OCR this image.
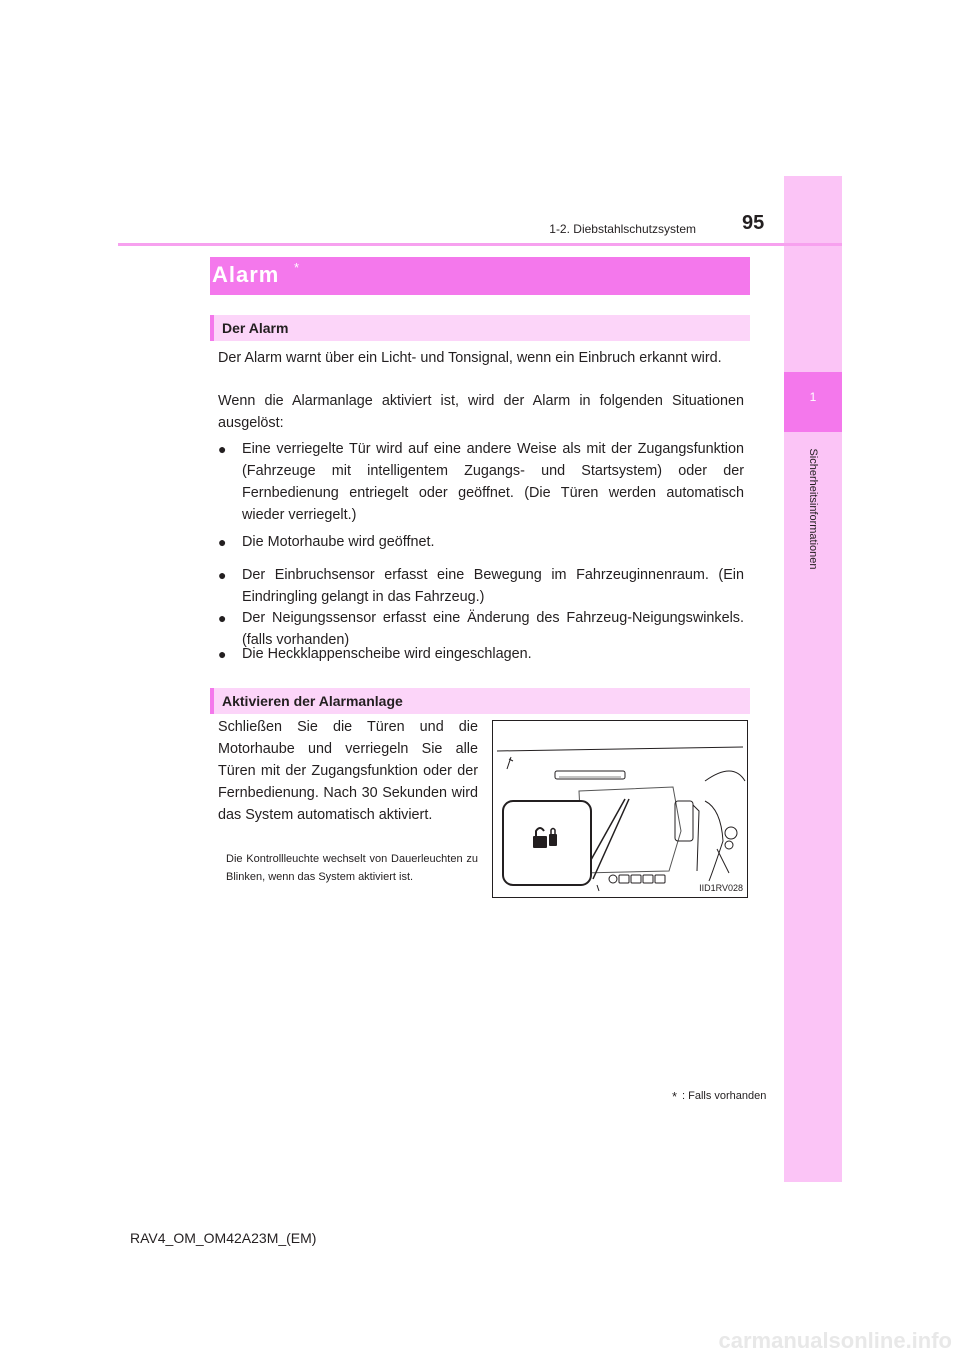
1
Sicherheitsinformationen
1-2. Diebstahlschutzsystem 95
Alarm *
Der Alarm

Der Alarm warnt über ein Licht- und Tonsignal, wenn ein Einbruch erkannt wird.

Wenn die Alarmanlage aktiviert ist, wird der Alarm in folgenden Situationen ausgelöst:

● Eine verriegelte Tür wird auf eine andere Weise als mit der Zugangsfunktion (Fahrzeuge mit intelligentem Zugangs- und Startsystem) oder der Fernbedienung entriegelt oder geöffnet. (Die Türen werden automatisch wieder verriegelt.)
● Die Motorhaube wird geöffnet.
● Der Einbruchsensor erfasst eine Bewegung im Fahrzeuginnenraum. (Ein Eindringling gelangt in das Fahrzeug.)
● Der Neigungssensor erfasst eine Änderung des Fahrzeug-Neigungswinkels. (falls vorhanden)
● Die Heckklappenscheibe wird eingeschlagen.
Aktivieren der Alarmanlage

Schließen Sie die Türen und die Motorhaube und verriegeln Sie alle Türen mit der Zugangsfunktion oder der Fernbedienung. Nach 30 Sekunden wird das System automatisch aktiviert.

Die Kontrollleuchte wechselt von Dauerleuchten zu Blinken, wenn das System aktiviert ist.

IID1RV028
* : Falls vorhanden
RAV4_OM_OM42A23M_(EM)
carmanualsonline.info
